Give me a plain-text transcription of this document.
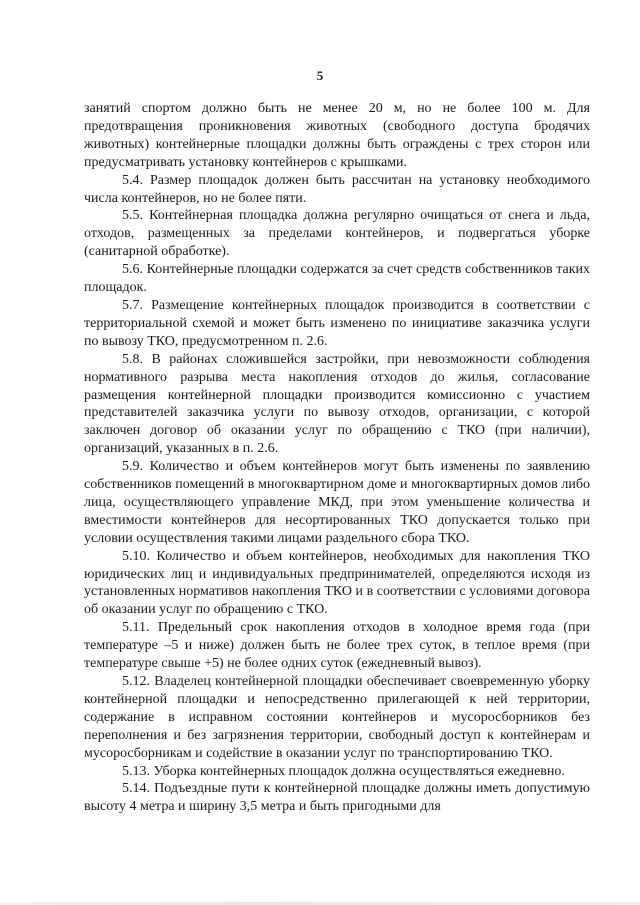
5

занятий спортом должно быть не менее 20 м, но не более 100 м. Для предотвращения проникновения животных (свободного доступа бродячих животных) контейнерные площадки должны быть ограждены с трех сторон или предусматривать установку контейнеров с крышками.

5.4. Размер площадок должен быть рассчитан на установку необходимого числа контейнеров, но не более пяти.

5.5. Контейнерная площадка должна регулярно очищаться от снега и льда, отходов, размещенных за пределами контейнеров, и подвергаться уборке (санитарной обработке).

5.6. Контейнерные площадки содержатся за счет средств собственников таких площадок.

5.7. Размещение контейнерных площадок производится в соответствии с территориальной схемой и может быть изменено по инициативе заказчика услуги по вывозу ТКО, предусмотренном п. 2.6.

5.8. В районах сложившейся застройки, при невозможности соблюдения нормативного разрыва места накопления отходов до жилья, согласование размещения контейнерной площадки производится комиссионно с участием представителей заказчика услуги по вывозу отходов, организации, с которой заключен договор об оказании услуг по обращению с ТКО (при наличии), организаций, указанных в п. 2.6.

5.9. Количество и объем контейнеров могут быть изменены по заявлению собственников помещений в многоквартирном доме и многоквартирных домов либо лица, осуществляющего управление МКД, при этом уменьшение количества и вместимости контейнеров для несортированных ТКО допускается только при условии осуществления такими лицами раздельного сбора ТКО.

5.10. Количество и объем контейнеров, необходимых для накопления ТКО юридических лиц и индивидуальных предпринимателей, определяются исходя из установленных нормативов накопления ТКО и в соответствии с условиями договора об оказании услуг по обращению с ТКО.

5.11. Предельный срок накопления отходов в холодное время года (при температуре –5 и ниже) должен быть не более трех суток, в теплое время (при температуре свыше +5) не более одних суток (ежедневный вывоз).

5.12. Владелец контейнерной площадки обеспечивает своевременную уборку контейнерной площадки и непосредственно прилегающей к ней территории, содержание в исправном состоянии контейнеров и мусоросборников без переполнения и без загрязнения территории, свободный доступ к контейнерам и мусоросборникам и содействие в оказании услуг по транспортированию ТКО.

5.13. Уборка контейнерных площадок должна осуществляться ежедневно.

5.14. Подъездные пути к контейнерной площадке должны иметь допустимую высоту 4 метра и ширину 3,5 метра и быть пригодными для
